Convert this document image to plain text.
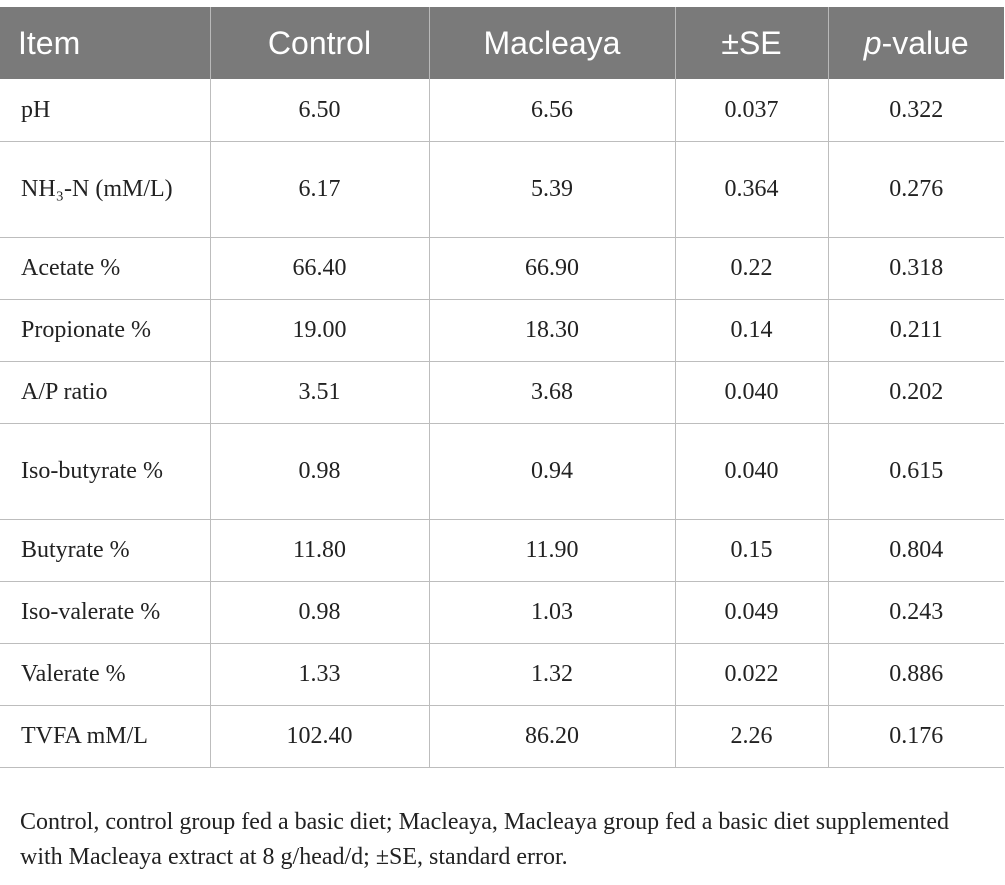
Item	Control	Macleaya	±SE	p-value
pH	6.50	6.56	0.037	0.322
NH₃-N (mM/L)	6.17	5.39	0.364	0.276
Acetate %	66.40	66.90	0.22	0.318
Propionate %	19.00	18.30	0.14	0.211
A/P ratio	3.51	3.68	0.040	0.202
Iso-butyrate %	0.98	0.94	0.040	0.615
Butyrate %	11.80	11.90	0.15	0.804
Iso-valerate %	0.98	1.03	0.049	0.243
Valerate %	1.33	1.32	0.022	0.886
TVFA mM/L	102.40	86.20	2.26	0.176

Control, control group fed a basic diet; Macleaya, Macleaya group fed a basic diet supplemented with Macleaya extract at 8 g/head/d; ±SE, standard error.
